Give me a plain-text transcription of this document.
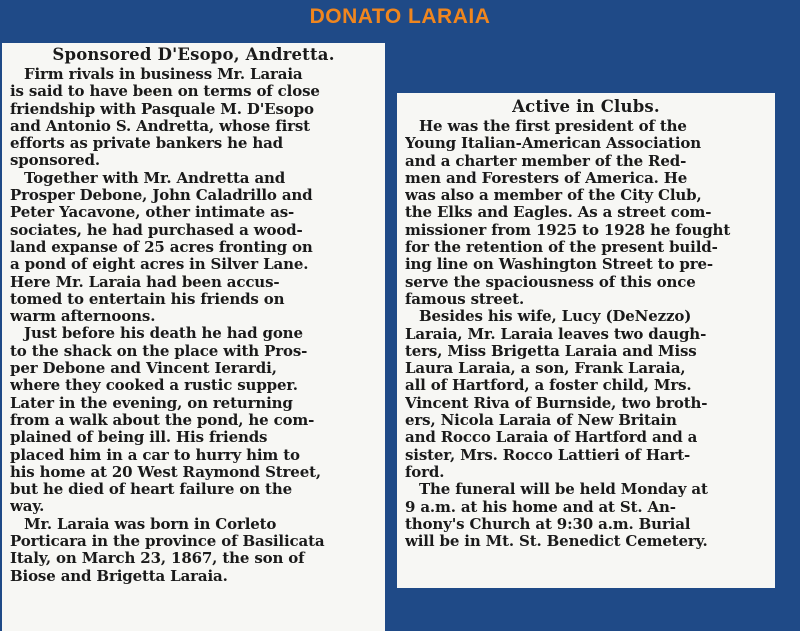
DONATO LARAIA
Sponsored D'Esopo, Andretta.
Firm rivals in business Mr. Laraia
is said to have been on terms of close
friendship with Pasquale M. D'Esopo
and Antonio S. Andretta, whose first
efforts as private bankers he had
sponsored.
Together with Mr. Andretta and
Prosper Debone, John Caladrillo and
Peter Yacavone, other intimate as-
sociates, he had purchased a wood-
land expanse of 25 acres fronting on
a pond of eight acres in Silver Lane.
Here Mr. Laraia had been accus-
tomed to entertain his friends on
warm afternoons.
Just before his death he had gone
to the shack on the place with Pros-
per Debone and Vincent Ierardi,
where they cooked a rustic supper.
Later in the evening, on returning
from a walk about the pond, he com-
plained of being ill. His friends
placed him in a car to hurry him to
his home at 20 West Raymond Street,
but he died of heart failure on the
way.
Mr. Laraia was born in Corleto
Porticara in the province of Basilicata
Italy, on March 23, 1867, the son of
Biose and Brigetta Laraia.
Active in Clubs.
He was the first president of the
Young Italian-American Association
and a charter member of the Red-
men and Foresters of America. He
was also a member of the City Club,
the Elks and Eagles. As a street com-
missioner from 1925 to 1928 he fought
for the retention of the present build-
ing line on Washington Street to pre-
serve the spaciousness of this once
famous street.
Besides his wife, Lucy (DeNezzo)
Laraia, Mr. Laraia leaves two daugh-
ters, Miss Brigetta Laraia and Miss
Laura Laraia, a son, Frank Laraia,
all of Hartford, a foster child, Mrs.
Vincent Riva of Burnside, two broth-
ers, Nicola Laraia of New Britain
and Rocco Laraia of Hartford and a
sister, Mrs. Rocco Lattieri of Hart-
ford.
The funeral will be held Monday at
9 a.m. at his home and at St. An-
thony's Church at 9:30 a.m. Burial
will be in Mt. St. Benedict Cemetery.
